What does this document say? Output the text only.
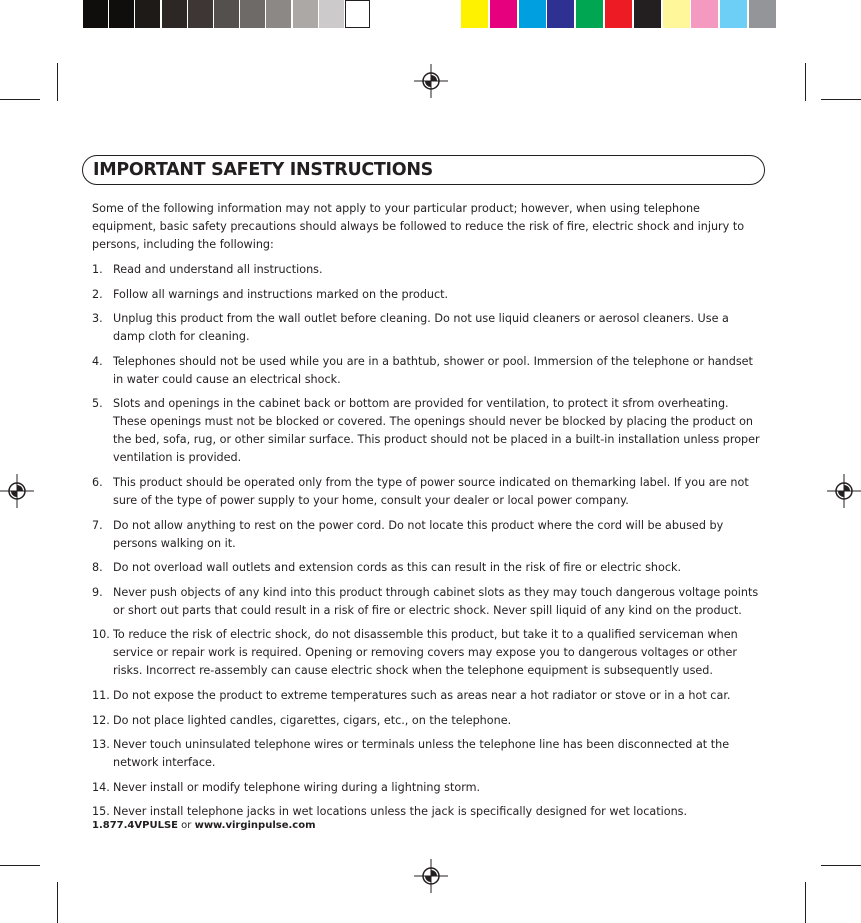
IMPORTANT SAFETY INSTRUCTIONS

Some of the following information may not apply to your particular product; however, when using telephone equipment, basic safety precautions should always be followed to reduce the risk of fire, electric shock and injury to persons, including the following:

1. Read and understand all instructions.
2. Follow all warnings and instructions marked on the product.
3. Unplug this product from the wall outlet before cleaning. Do not use liquid cleaners or aerosol cleaners. Use a damp cloth for cleaning.
4. Telephones should not be used while you are in a bathtub, shower or pool. Immersion of the telephone or handset in water could cause an electrical shock.
5. Slots and openings in the cabinet back or bottom are provided for ventilation, to protect it sfrom overheating. These openings must not be blocked or covered. The openings should never be blocked by placing the product on the bed, sofa, rug, or other similar surface. This product should not be placed in a built-in installation unless proper ventilation is provided.
6. This product should be operated only from the type of power source indicated on themarking label. If you are not sure of the type of power supply to your home, consult your dealer or local power company.
7. Do not allow anything to rest on the power cord. Do not locate this product where the cord will be abused by persons walking on it.
8. Do not overload wall outlets and extension cords as this can result in the risk of fire or electric shock.
9. Never push objects of any kind into this product through cabinet slots as they may touch dangerous voltage points or short out parts that could result in a risk of fire or electric shock. Never spill liquid of any kind on the product.
10. To reduce the risk of electric shock, do not disassemble this product, but take it to a qualified serviceman when service or repair work is required. Opening or removing covers may expose you to dangerous voltages or other risks. Incorrect re-assembly can cause electric shock when the telephone equipment is subsequently used.
11. Do not expose the product to extreme temperatures such as areas near a hot radiator or stove or in a hot car.
12. Do not place lighted candles, cigarettes, cigars, etc., on the telephone.
13. Never touch uninsulated telephone wires or terminals unless the telephone line has been disconnected at the network interface.
14. Never install or modify telephone wiring during a lightning storm.
15. Never install telephone jacks in wet locations unless the jack is specifically designed for wet locations.
1.877.4VPULSE or www.virginpulse.com
